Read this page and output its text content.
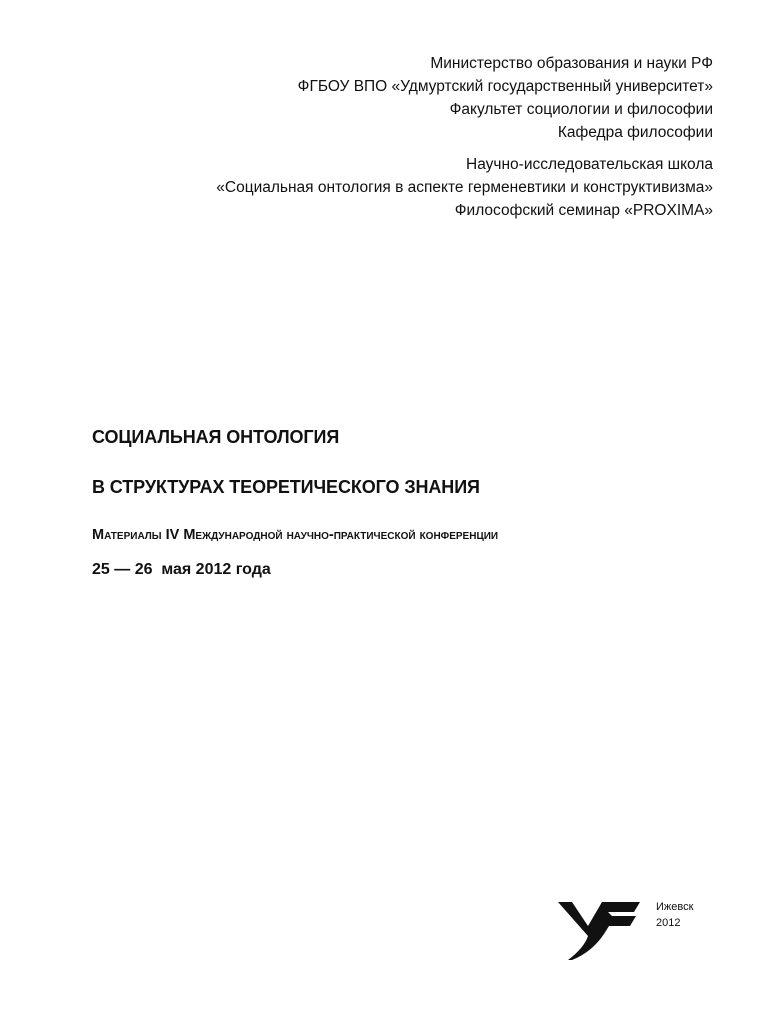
Министерство образования и науки РФ
ФГБОУ ВПО «Удмуртский государственный университет»
Факультет социологии и философии
Кафедра философии
Научно-исследовательская школа
«Социальная онтология в аспекте герменевтики и конструктивизма»
Философский семинар «PROXIMA»
СОЦИАЛЬНАЯ ОНТОЛОГИЯ
В СТРУКТУРАХ ТЕОРЕТИЧЕСКОГО ЗНАНИЯ
Материалы IV Международной научно-практической конференции
25 — 26  мая 2012 года
Ижевск
2012
